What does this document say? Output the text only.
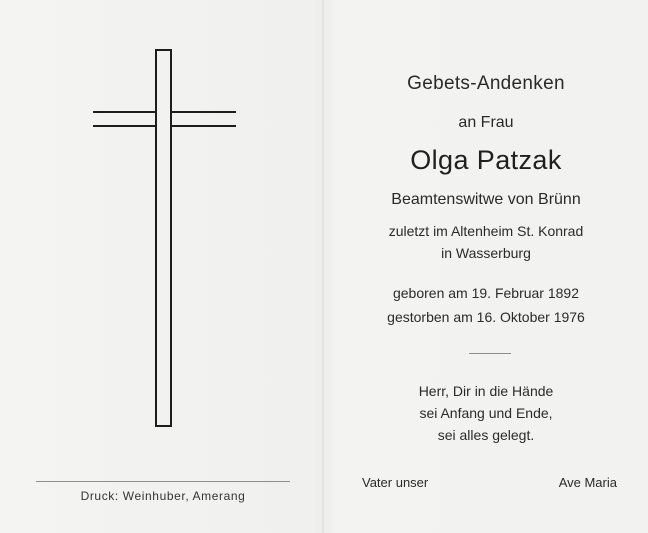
Druck: Weinhuber, Amerang
Gebets-Andenken
an Frau
Olga Patzak
Beamtenswitwe von Brünn
zuletzt im Altenheim St. Konrad
in Wasserburg
geboren am 19. Februar 1892
gestorben am 16. Oktober 1976
Herr, Dir in die Hände
sei Anfang und Ende,
sei alles gelegt.
Vater unser	Ave Maria
